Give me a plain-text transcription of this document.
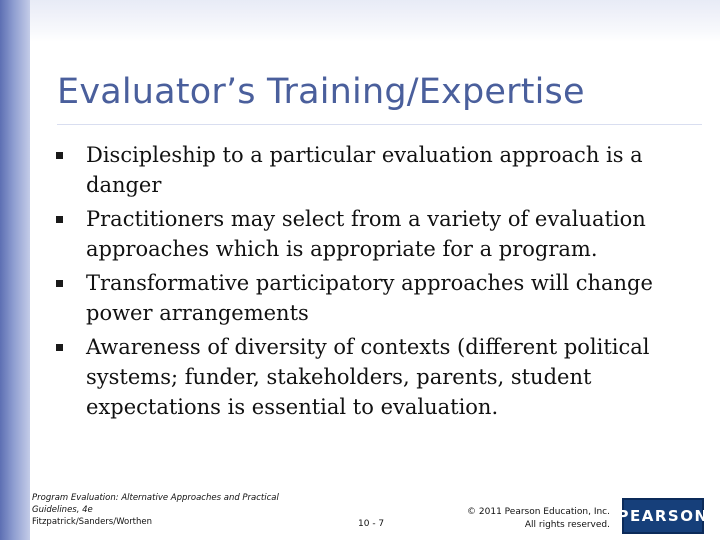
Evaluator’s Training/Expertise
Discipleship to a particular evaluation approach is a danger
Practitioners may select from a variety of evaluation approaches which is appropriate for a program.
Transformative participatory approaches will change power arrangements
Awareness of diversity of contexts (different political systems; funder, stakeholders, parents, student expectations is essential to evaluation.
Program Evaluation: Alternative Approaches and Practical
Guidelines, 4e
Fitzpatrick/Sanders/Worthen	10 - 7
© 2011 Pearson Education, Inc.
All rights reserved. PEARSON
